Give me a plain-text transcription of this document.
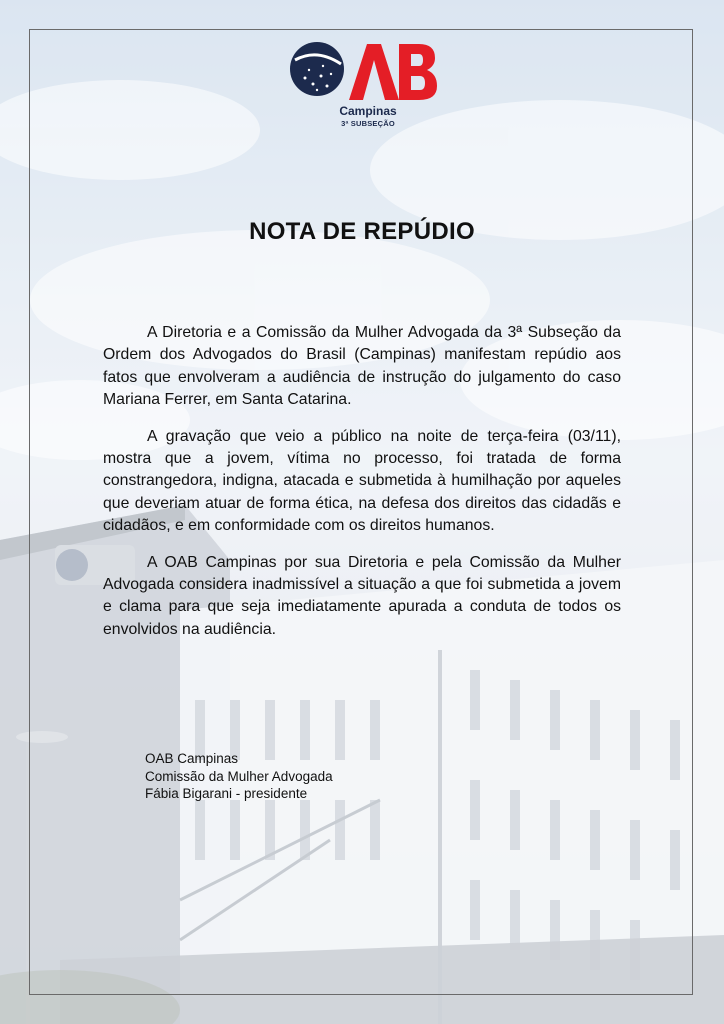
Campinas
3ª SUBSEÇÃO
NOTA DE REPÚDIO

A Diretoria e a Comissão da Mulher Advogada da 3ª Subseção da Ordem dos Advogados do Brasil (Campinas) manifestam repúdio aos fatos que envolveram a audiência de instrução do julgamento do caso Mariana Ferrer, em Santa Catarina.

A gravação que veio a público na noite de terça-feira (03/11), mostra que a jovem, vítima no processo, foi tratada de forma constrangedora, indigna, atacada e submetida à humilhação por aqueles que deveriam atuar de forma ética, na defesa dos direitos das cidadãs e cidadãos, e em conformidade com os direitos humanos.

A OAB Campinas por sua Diretoria e pela Comissão da Mulher Advogada considera inadmissível a situação a que foi submetida a jovem e clama para que seja imediatamente apurada a conduta de todos os envolvidos na audiência.

OAB Campinas
Comissão da Mulher Advogada
Fábia Bigarani - presidente
